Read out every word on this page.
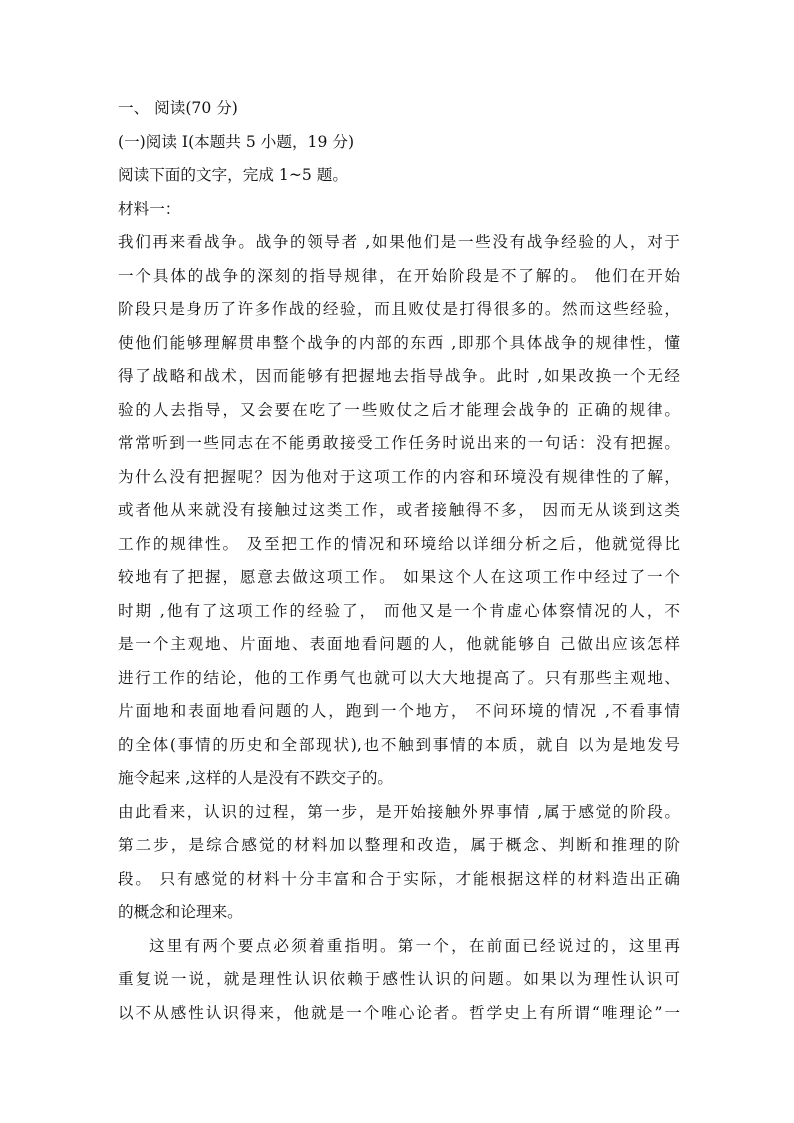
一、 阅读(70 分)
(一)阅读 I(本题共 5 小题，19 分)
阅读下面的文字，完成 1~5 题。
材料一：
我们再来看战争。战争的领导者 ,如果他们是一些没有战争经验的人，对于
一个具体的战争的深刻的指导规律，在开始阶段是不了解的。 他们在开始
阶段只是身历了许多作战的经验，而且败仗是打得很多的。然而这些经验，
使他们能够理解贯串整个战争的内部的东西 ,即那个具体战争的规律性，懂
得了战略和战术，因而能够有把握地去指导战争。此时 ,如果改换一个无经
验的人去指导，又会要在吃了一些败仗之后才能理会战争的 正确的规律。
常常听到一些同志在不能勇敢接受工作任务时说出来的一句话：没有把握。
为什么没有把握呢？因为他对于这项工作的内容和环境没有规律性的了解，
或者他从来就没有接触过这类工作，或者接触得不多， 因而无从谈到这类
工作的规律性。 及至把工作的情况和环境给以详细分析之后，他就觉得比
较地有了把握，愿意去做这项工作。 如果这个人在这项工作中经过了一个
时期 ,他有了这项工作的经验了， 而他又是一个肯虚心体察情况的人，不
是一个主观地、片面地、表面地看问题的人，他就能够自 己做出应该怎样
进行工作的结论，他的工作勇气也就可以大大地提高了。只有那些主观地、
片面地和表面地看问题的人，跑到一个地方， 不问环境的情况 ,不看事情
的全体(事情的历史和全部现状),也不触到事情的本质，就自 以为是地发号
施令起来 ,这样的人是没有不跌交子的。
由此看来，认识的过程，第一步，是开始接触外界事情 ,属于感觉的阶段。
第二步，是综合感觉的材料加以整理和改造，属于概念、判断和推理的阶
段。 只有感觉的材料十分丰富和合于实际，才能根据这样的材料造出正确
的概念和论理来。
这里有两个要点必须着重指明。第一个，在前面已经说过的，这里再
重复说一说，就是理性认识依赖于感性认识的问题。如果以为理性认识可
以不从感性认识得来，他就是一个唯心论者。哲学史上有所谓“唯理论”一
